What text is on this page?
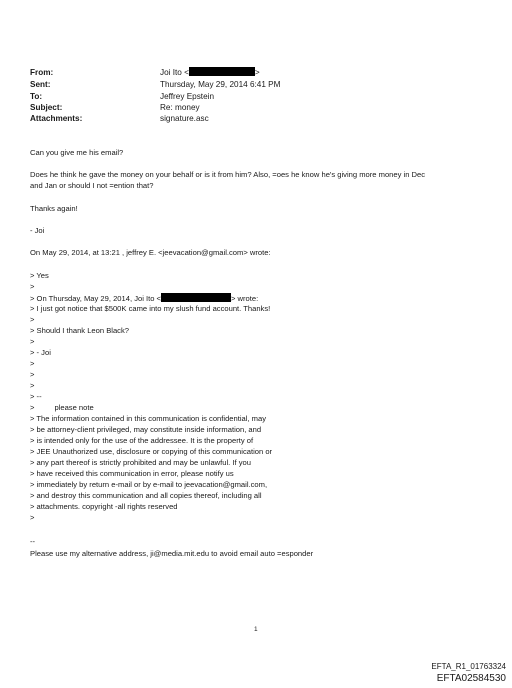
From:	Joi Ito <	>
Sent:	Thursday, May 29, 2014 6:41 PM
To:	Jeffrey Epstein
Subject:	Re: money
Attachments:	signature.asc
Can you give me his email?
Does he think he gave the money on your behalf or is it from him? Also, =oes he know he's giving more money in Dec
and Jan or should I not =ention that?
Thanks again!
- Joi
On May 29, 2014, at 13:21 , jeffrey E. <jeevacation@gmail.com> wrote:
> Yes
>
> On Thursday, May 29, 2014, Joi Ito <	> wrote:
> I just got notice that $500K came into my slush fund account. Thanks!
>
> Should I thank Leon Black?
>
> - Joi
>
>
>
> --
>	please note
> The information contained in this communication is confidential, may
> be attorney-client privileged, may constitute inside information, and
> is intended only for the use of the addressee. It is the property of
> JEE Unauthorized use, disclosure or copying of this communication or
> any part thereof is strictly prohibited and may be unlawful. If you
> have received this communication in error, please notify us
> immediately by return e-mail or by e-mail to jeevacation@gmail.com,
> and destroy this communication and all copies thereof, including all
> attachments. copyright -all rights reserved
>
--
Please use my alternative address, ji@media.mit.edu to avoid email auto =esponder
1
EFTA_R1_01763324
EFTA02584530
